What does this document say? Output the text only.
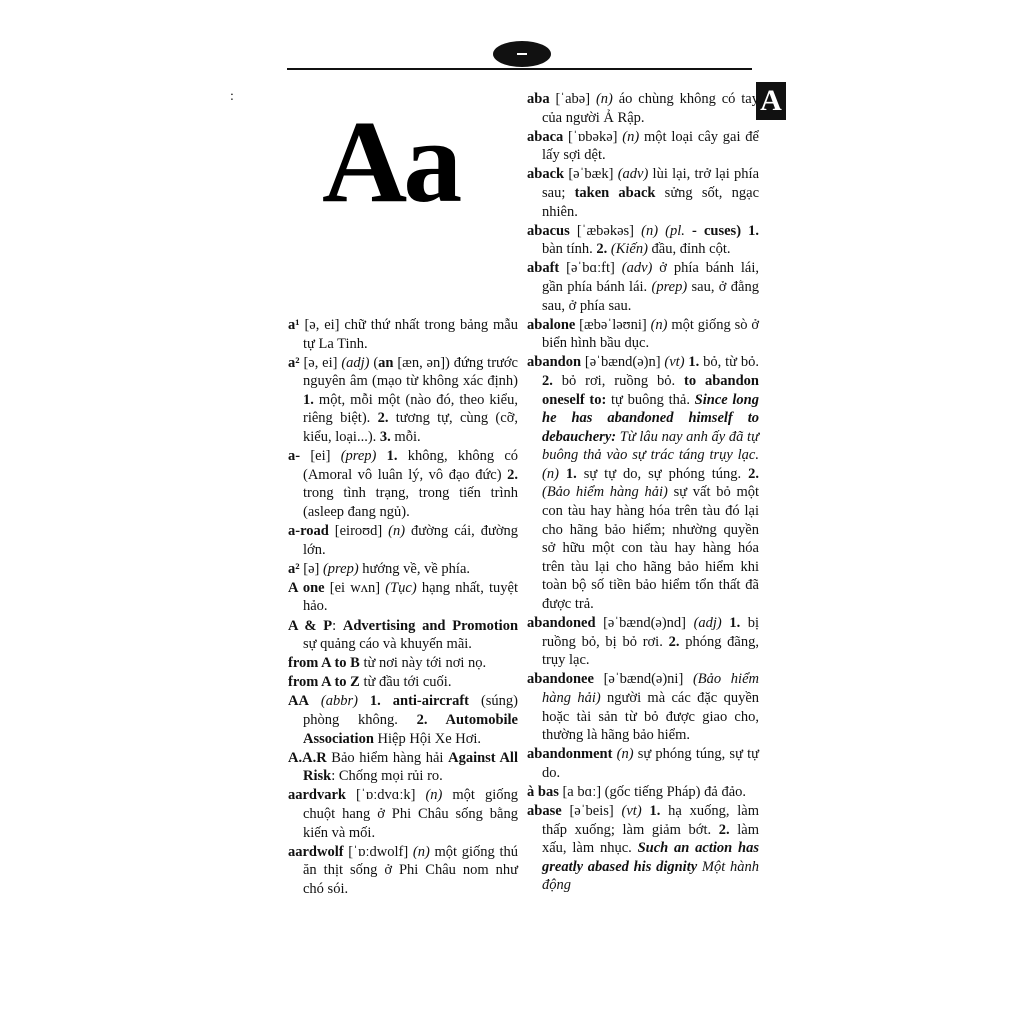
A
: Aa

a¹ [ə, ei] chữ thứ nhất trong bảng mẫu tự La Tinh.

a² [ə, ei] (adj) (an [æn, ən]) đứng trước nguyên âm (mạo từ không xác định) 1. một, mỗi một (nào đó, theo kiểu, riêng biệt). 2. tương tự, cùng (cỡ, kiểu, loại...). 3. mỗi.

a- [ei] (prep) 1. không, không có (Amoral vô luân lý, vô đạo đức) 2. trong tình trạng, trong tiến trình (asleep đang ngủ).

a-road [eiroʊd] (n) đường cái, đường lớn.

a² [ə] (prep) hướng về, về phía.

A one [ei wʌn] (Tục) hạng nhất, tuyệt hảo.

A & P: Advertising and Promotion sự quảng cáo và khuyến mãi.

from A to B từ nơi này tới nơi nọ.

from A to Z từ đầu tới cuối.

AA (abbr) 1. anti-aircraft (súng) phòng không. 2. Automobile Association Hiệp Hội Xe Hơi.

A.A.R Bảo hiểm hàng hải Against All Risk: Chống mọi rủi ro.

aardvark [ˈɒːdvɑːk] (n) một giống chuột hang ở Phi Châu sống bằng kiến và mối.

aardwolf [ˈɒːdwolf] (n) một giống thú ăn thịt sống ở Phi Châu nom như chó sói.

aba [ˈabə] (n) áo chùng không có tay của người Ả Rập.

abaca [ˈɒbəkə] (n) một loại cây gai để lấy sợi dệt.

aback [əˈbæk] (adv) lùi lại, trở lại phía sau; taken aback sửng sốt, ngạc nhiên.

abacus [ˈæbəkəs] (n) (pl. - cuses) 1. bàn tính. 2. (Kiến) đầu, đỉnh cột.

abaft [əˈbɑːft] (adv) ở phía bánh lái, gần phía bánh lái. (prep) sau, ở đằng sau, ở phía sau.

abalone [æbəˈləʊni] (n) một giống sò ở biển hình bầu dục.

abandon [əˈbænd(ə)n] (vt) 1. bỏ, từ bỏ. 2. bỏ rơi, ruồng bỏ. to abandon oneself to: tự buông thả. Since long he has abandoned himself to debauchery: Từ lâu nay anh ấy đã tự buông thả vào sự trác táng trụy lạc. (n) 1. sự tự do, sự phóng túng. 2. (Bảo hiểm hàng hải) sự vất bỏ một con tàu hay hàng hóa trên tàu đó lại cho hãng bảo hiểm; nhường quyền sở hữu một con tàu hay hàng hóa trên tàu lại cho hãng bảo hiểm khi toàn bộ số tiền bảo hiểm tổn thất đã được trả.

abandoned [əˈbænd(ə)nd] (adj) 1. bị ruồng bỏ, bị bỏ rơi. 2. phóng đãng, trụy lạc.

abandonee [əˈbænd(ə)ni] (Bảo hiểm hàng hải) người mà các đặc quyền hoặc tài sản từ bỏ được giao cho, thường là hãng bảo hiểm.

abandonment (n) sự phóng túng, sự tự do.

à bas [a bɑː] (gốc tiếng Pháp) đả đảo.

abase [əˈbeis] (vt) 1. hạ xuống, làm thấp xuống; làm giảm bớt. 2. làm xấu, làm nhục. Such an action has greatly abased his dignity Một hành động
